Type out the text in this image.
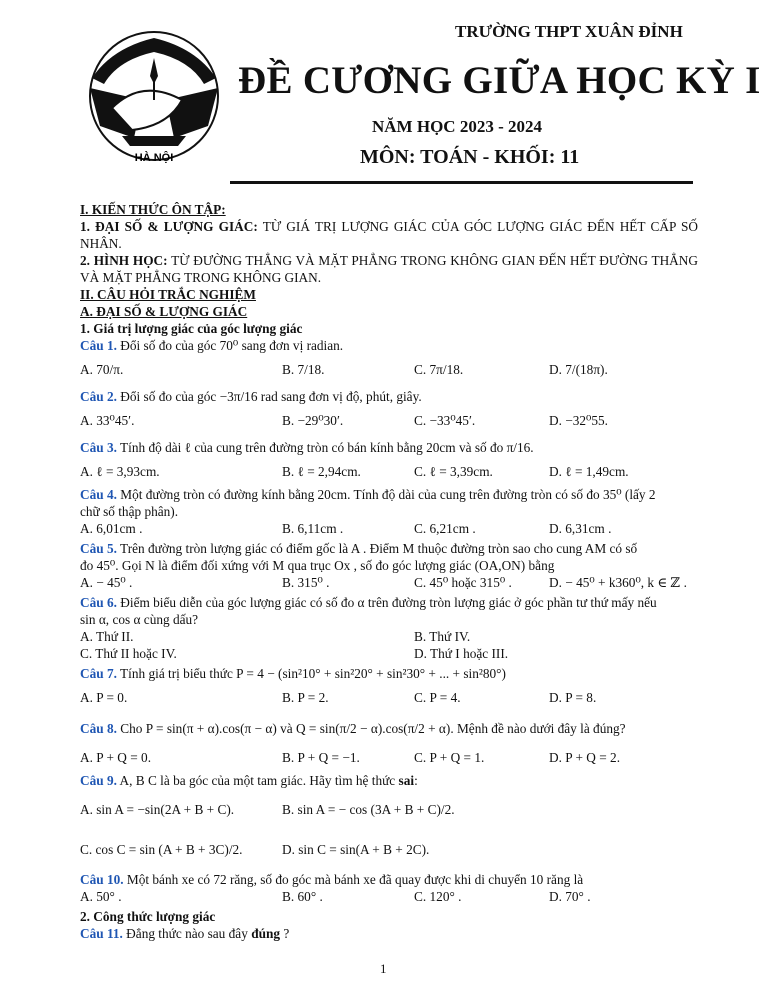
HÀ NỘI
TRƯỜNG THPT XUÂN ĐỈNH
ĐỀ CƯƠNG GIỮA HỌC KỲ I
NĂM HỌC 2023 - 2024
MÔN: TOÁN - KHỐI: 11
I. KIẾN THỨC ÔN TẬP:
1. ĐẠI SỐ & LƯỢNG GIÁC: TỪ GIÁ TRỊ LƯỢNG GIÁC CỦA GÓC LƯỢNG GIÁC ĐẾN HẾT CẤP SỐ NHÂN.
2. HÌNH HỌC: TỪ ĐƯỜNG THẲNG VÀ MẶT PHẲNG TRONG KHÔNG GIAN ĐẾN HẾT ĐƯỜNG THẲNG VÀ MẶT PHẲNG TRONG KHÔNG GIAN.
II. CÂU HỎI TRẮC NGHIỆM
A. ĐẠI SỐ & LƯỢNG GIÁC
1. Giá trị lượng giác của góc lượng giác
Câu 1. Đổi số đo của góc 70⁰ sang đơn vị radian.
A. 70/π.	B. 7/18.	C. 7π/18.	D. 7/(18π).
Câu 2. Đổi số đo của góc −3π/16 rad sang đơn vị độ, phút, giây.
A. 33⁰45′.	B. −29⁰30′.	C. −33⁰45′.	D. −32⁰55.
Câu 3. Tính độ dài ℓ của cung trên đường tròn có bán kính bằng 20cm và số đo π/16.
A. ℓ = 3,93cm.	B. ℓ = 2,94cm.	C. ℓ = 3,39cm.	D. ℓ = 1,49cm.
Câu 4. Một đường tròn có đường kính bằng 20cm. Tính độ dài của cung trên đường tròn có số đo 35⁰ (lấy 2
chữ số thập phân).
A. 6,01cm .	B. 6,11cm .	C. 6,21cm .	D. 6,31cm .
Câu 5. Trên đường tròn lượng giác có điểm gốc là A . Điểm M thuộc đường tròn sao cho cung AM có số
đo 45⁰. Gọi N là điểm đối xứng với M qua trục Ox , số đo góc lượng giác (OA,ON) bằng
A. − 45⁰ .	B. 315⁰ .	C. 45⁰ hoặc 315⁰ .	D. − 45⁰ + k360⁰, k ∈ ℤ .
Câu 6. Điểm biểu diễn của góc lượng giác có số đo α trên đường tròn lượng giác ở góc phần tư thứ mấy nếu
sin α, cos α cùng dấu?
A. Thứ II.	B. Thứ IV.
C. Thứ II hoặc IV.	D. Thứ I hoặc III.
Câu 7. Tính giá trị biểu thức P = 4 − (sin²10° + sin²20° + sin²30° + ... + sin²80°)
A. P = 0.	B. P = 2.	C. P = 4.	D. P = 8.
Câu 8. Cho P = sin(π + α).cos(π − α) và Q = sin(π/2 − α).cos(π/2 + α). Mệnh đề nào dưới đây là đúng?
A. P + Q = 0.	B. P + Q = −1.	C. P + Q = 1.	D. P + Q = 2.
Câu 9. A, B C là ba góc của một tam giác. Hãy tìm hệ thức sai:
A. sin A = −sin(2A + B + C).	B. sin A = − cos (3A + B + C)/2.
C. cos C = sin (A + B + 3C)/2.	D. sin C = sin(A + B + 2C).
Câu 10. Một bánh xe có 72 răng, số đo góc mà bánh xe đã quay được khi di chuyển 10 răng là
A. 50° .	B. 60° .	C. 120° .	D. 70° .
2. Công thức lượng giác
Câu 11. Đẳng thức nào sau đây đúng ?
1
